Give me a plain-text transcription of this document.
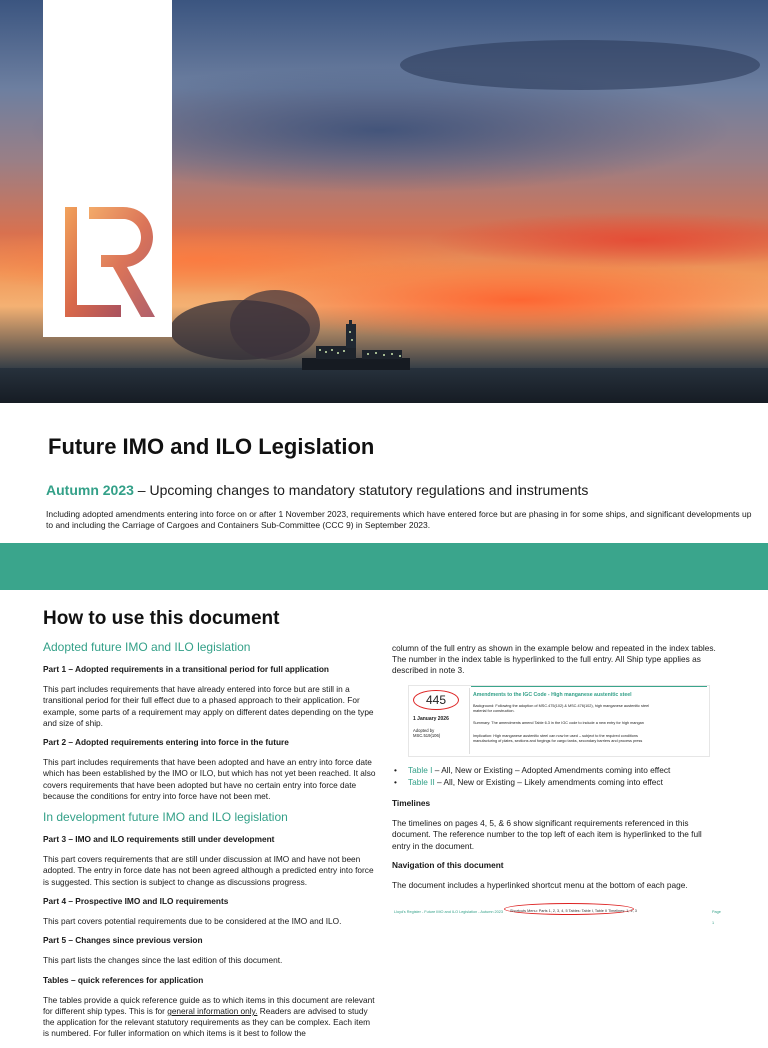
Future IMO and ILO Legislation
Autumn 2023 – Upcoming changes to mandatory statutory regulations and instruments
Including adopted amendments entering into force on or after 1 November 2023, requirements which have entered force but are phasing in for some ships, and significant developments up to and including the Carriage of Cargoes and Containers Sub-Committee (CCC 9) in September 2023.
How to use this document

Adopted future IMO and ILO legislation

Part 1 – Adopted requirements in a transitional period for full application

This part includes requirements that have already entered into force but are still in a transitional period for their full effect due to a phased approach to their application. For example, some parts of a requirement may apply on different dates depending on the type and size of ship.

Part 2 – Adopted requirements entering into force in the future

This part includes requirements that have been adopted and have an entry into force date which has been established by the IMO or ILO, but which has not yet been reached. It also covers requirements that have been adopted but have no certain entry into force date because the conditions for entry into force have not been met.

In development future IMO and ILO legislation

Part 3 – IMO and ILO requirements still under development

This part covers requirements that are still under discussion at IMO and have not been adopted. The entry in force date has not been agreed although a predicted entry into force is suggested. This section is subject to change as discussions progress.

Part 4 – Prospective IMO and ILO requirements

This part covers potential requirements due to be considered at the IMO and ILO.

Part 5 – Changes since previous version

This part lists the changes since the last edition of this document.

Tables – quick references for application

The tables provide a quick reference guide as to which items in this document are relevant for different ship types. This is for general information only. Readers are advised to study the application for the relevant statutory requirements as they can be complex. Each item is numbered. For fuller information on which items is it best to follow the

column of the full entry as shown in the example below and repeated in the index tables. The number in the index table is hyperlinked to the full entry. All Ship type applies as described in note 3.

445
1 January 2026
Adopted by
MSC.519(106)
Amendments to the IGC Code - High manganese austenitic steel
Background: Following the adoption of MSC.475(102) & MSC.476(102), high manganese austenitic steel
material for construction.
Summary: The amendments amend Table 6.3 in the IGC code to include a new entry for high mangan
Implication: High manganese austenitic steel can now be used – subject to the required conditions
manufacturing of plates, sections and forgings for cargo tanks, secondary barriers and process press
• Table I – All, New or Existing – Adopted Amendments coming into effect
• Table II – All, New or Existing – Likely amendments coming into effect

Timelines

The timelines on pages 4, 5, & 6 show significant requirements referenced in this document. The reference number to the top left of each item is hyperlinked to the full entry in the document.

Navigation of this document

The document includes a hyperlinked shortcut menu at the bottom of each page.

Lloyd's Register - Future IMO and ILO Legislation - Autumn 2023 Shortcuts Menu: Parts 1, 2, 3, 4, 5 Tables: Table I, Table II Timelines: 1, 2, 3	Page 1
